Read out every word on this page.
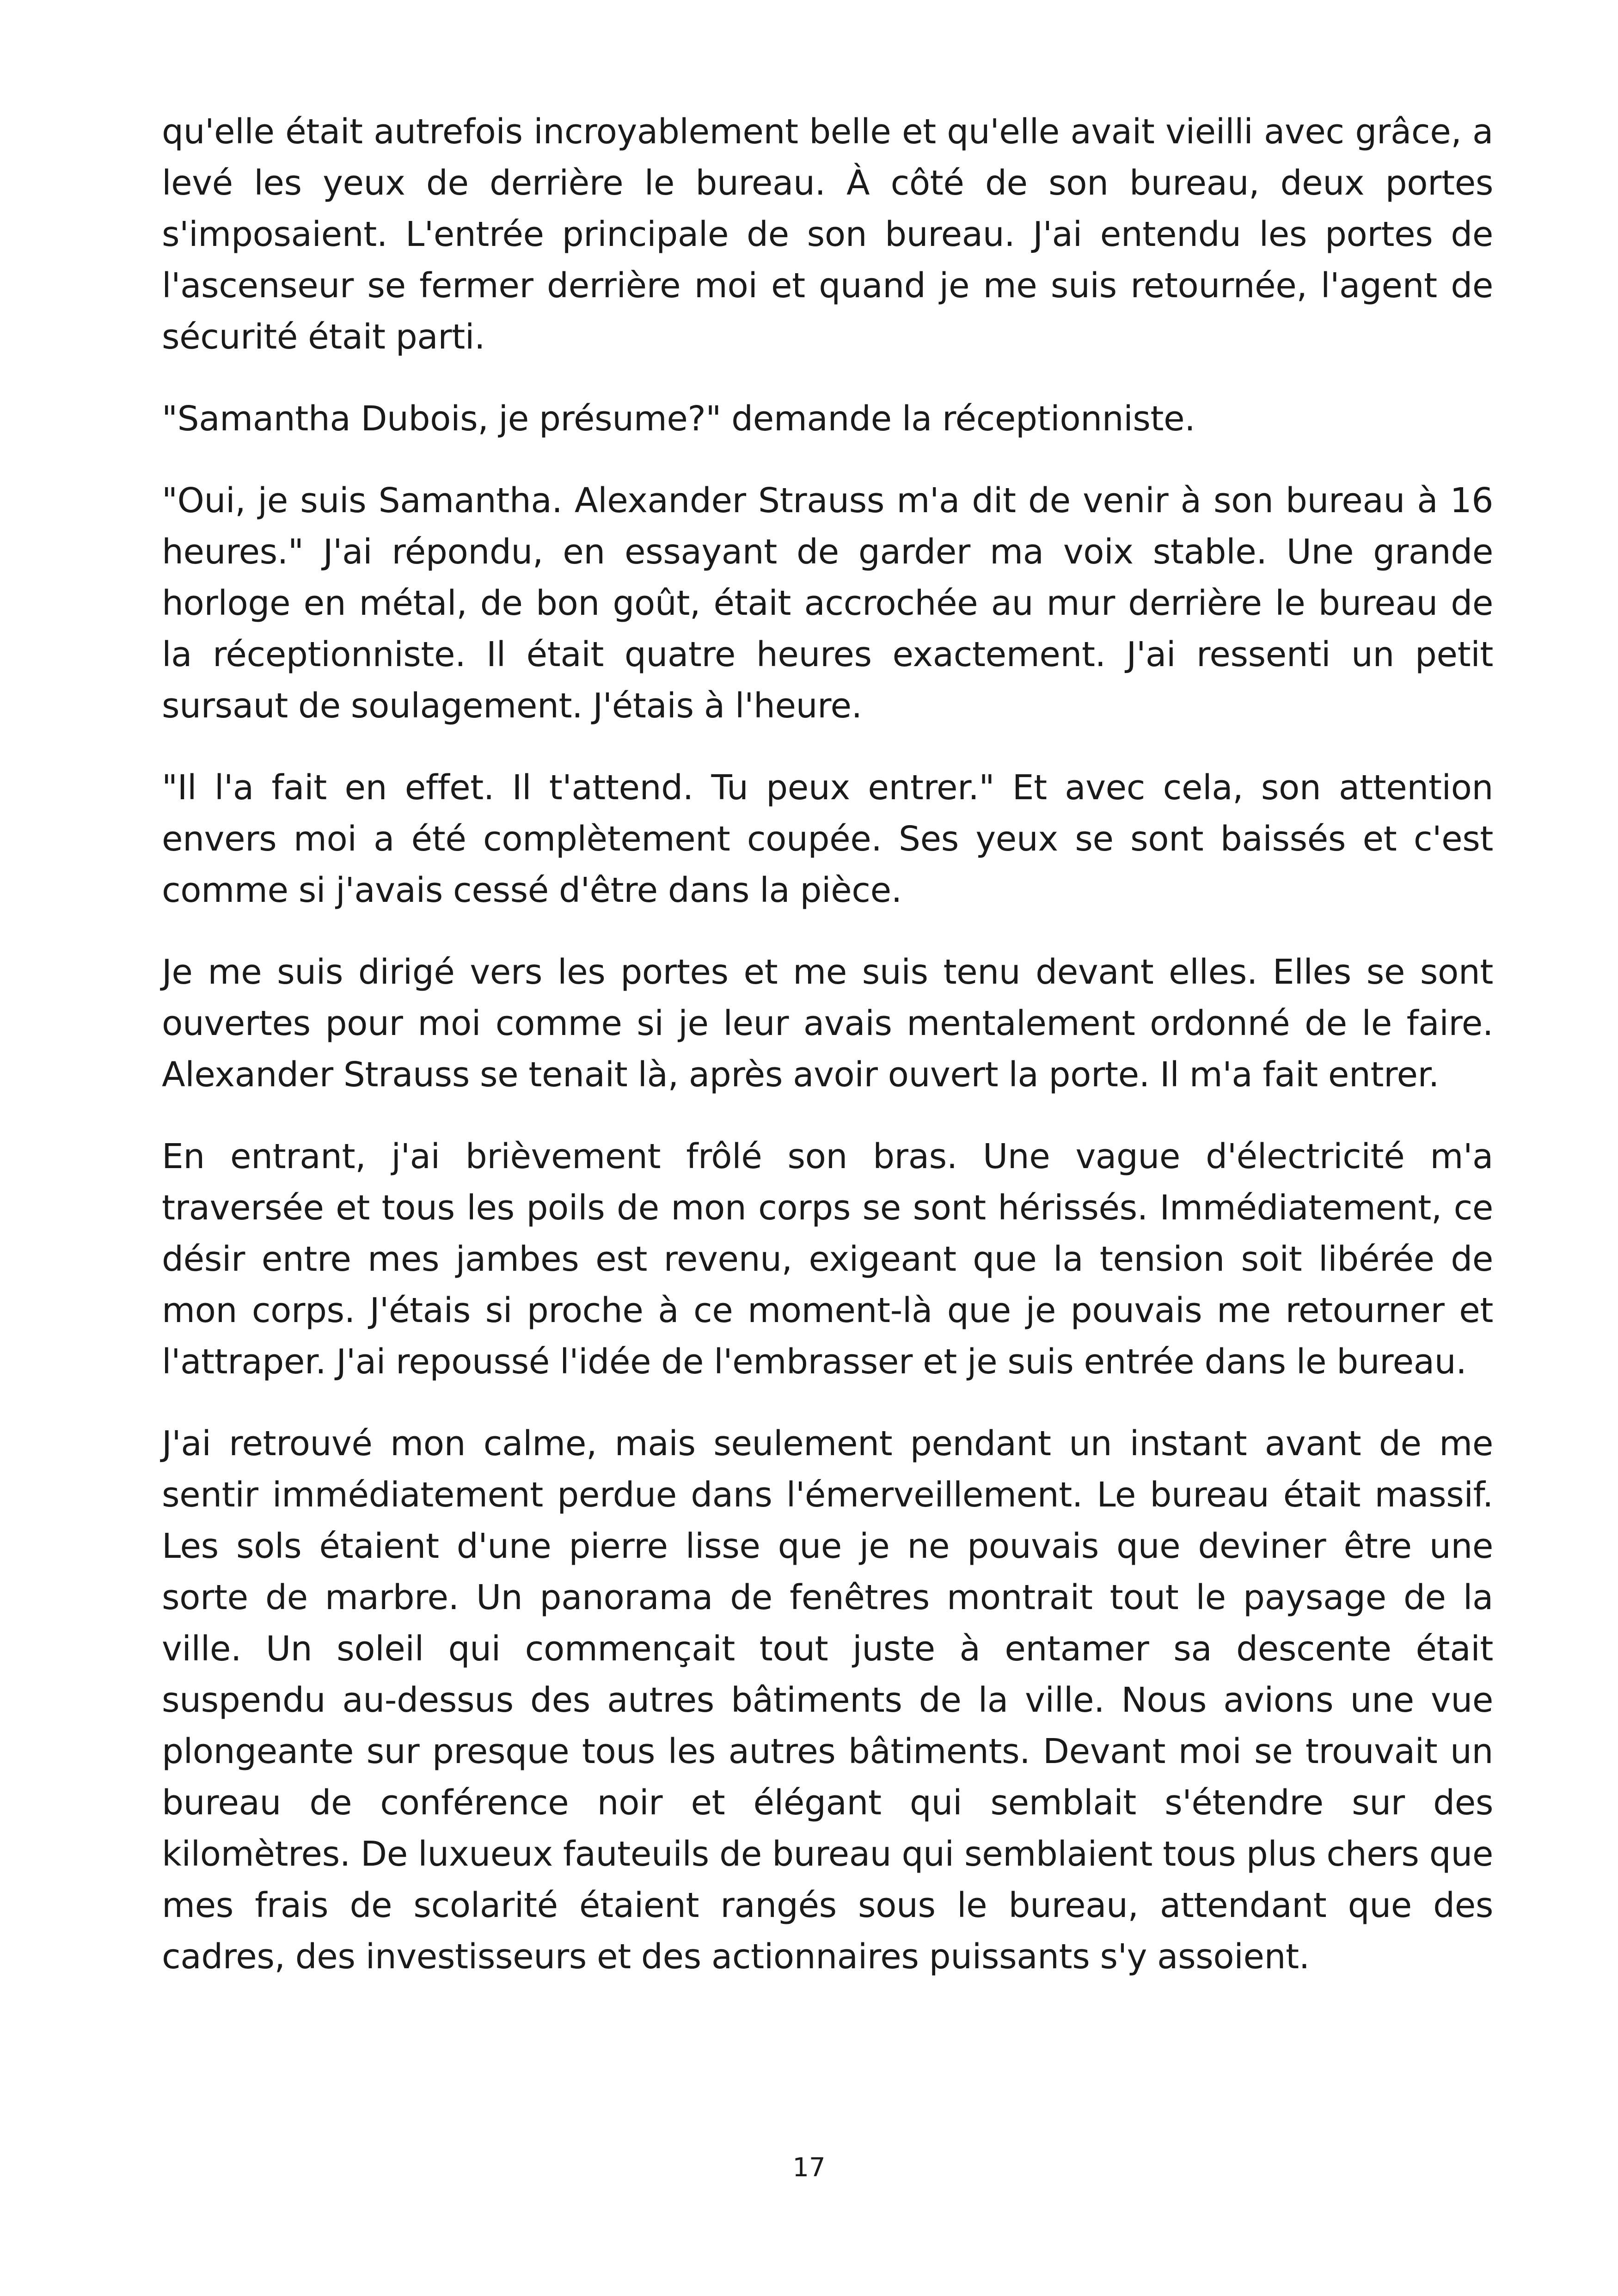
qu'elle était autrefois incroyablement belle et qu'elle avait vieilli avec grâce, a levé les yeux de derrière le bureau. À côté de son bureau, deux portes s'imposaient. L'entrée principale de son bureau. J'ai entendu les portes de l'ascenseur se fermer derrière moi et quand je me suis retournée, l'agent de sécurité était parti.

"Samantha Dubois, je présume?" demande la réceptionniste.

"Oui, je suis Samantha. Alexander Strauss m'a dit de venir à son bureau à 16 heures." J'ai répondu, en essayant de garder ma voix stable. Une grande horloge en métal, de bon goût, était accrochée au mur derrière le bureau de la réceptionniste. Il était quatre heures exactement. J'ai ressenti un petit sursaut de soulagement. J'étais à l'heure.

"Il l'a fait en effet. Il t'attend. Tu peux entrer." Et avec cela, son attention envers moi a été complètement coupée. Ses yeux se sont baissés et c'est comme si j'avais cessé d'être dans la pièce.

Je me suis dirigé vers les portes et me suis tenu devant elles. Elles se sont ouvertes pour moi comme si je leur avais mentalement ordonné de le faire. Alexander Strauss se tenait là, après avoir ouvert la porte. Il m'a fait entrer.

En entrant, j'ai brièvement frôlé son bras. Une vague d'électricité m'a traversée et tous les poils de mon corps se sont hérissés. Immédiatement, ce désir entre mes jambes est revenu, exigeant que la tension soit libérée de mon corps. J'étais si proche à ce moment-là que je pouvais me retourner et l'attraper. J'ai repoussé l'idée de l'embrasser et je suis entrée dans le bureau.

J'ai retrouvé mon calme, mais seulement pendant un instant avant de me sentir immédiatement perdue dans l'émerveillement. Le bureau était massif. Les sols étaient d'une pierre lisse que je ne pouvais que deviner être une sorte de marbre. Un panorama de fenêtres montrait tout le paysage de la ville. Un soleil qui commençait tout juste à entamer sa descente était suspendu au-dessus des autres bâtiments de la ville. Nous avions une vue plongeante sur presque tous les autres bâtiments. Devant moi se trouvait un bureau de conférence noir et élégant qui semblait s'étendre sur des kilomètres. De luxueux fauteuils de bureau qui semblaient tous plus chers que mes frais de scolarité étaient rangés sous le bureau, attendant que des cadres, des investisseurs et des actionnaires puissants s'y assoient.

17
